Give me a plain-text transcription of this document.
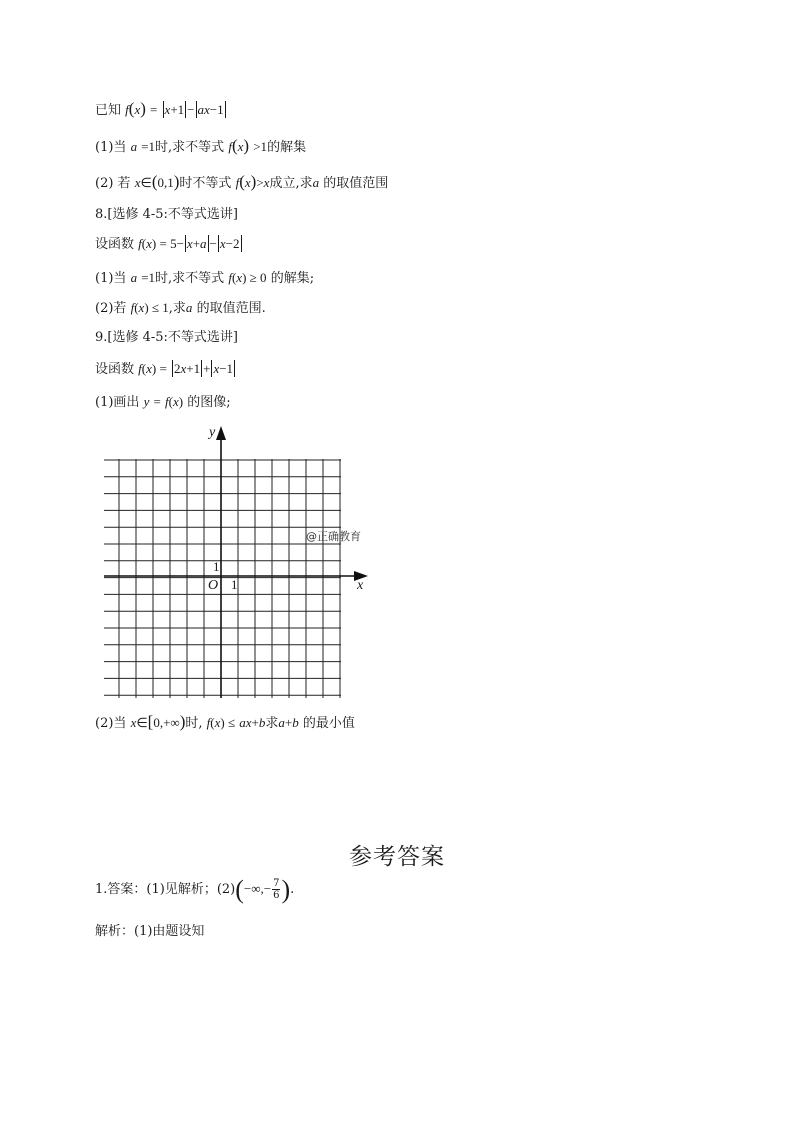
已知 f(x) = x+1 − ax−1
(1)当 a =1时,求不等式 f(x) >1的解集
(2) 若 x∈(0,1)时不等式 f(x)>x成立,求a 的取值范围
8.[选修 4-5:不等式选讲]
设函数 f(x) = 5− x+a − x−2
(1)当 a =1时,求不等式 f(x) ≥ 0 的解集;
(2)若 f(x) ≤ 1,求a 的取值范围.
9.[选修 4-5:不等式选讲]
设函数 f(x) = 2x+1 + x−1
(1)画出 y = f(x) 的图像;
y
x
O 1
1
@正确教育
(2)当 x∈[0,+∞)时, f(x) ≤ ax+b求a+b 的最小值
参考答案
1.答案：(1)见解析；$(2)(-\infty,- \frac{7}{6}$ ).
解析：(1)由题设知
